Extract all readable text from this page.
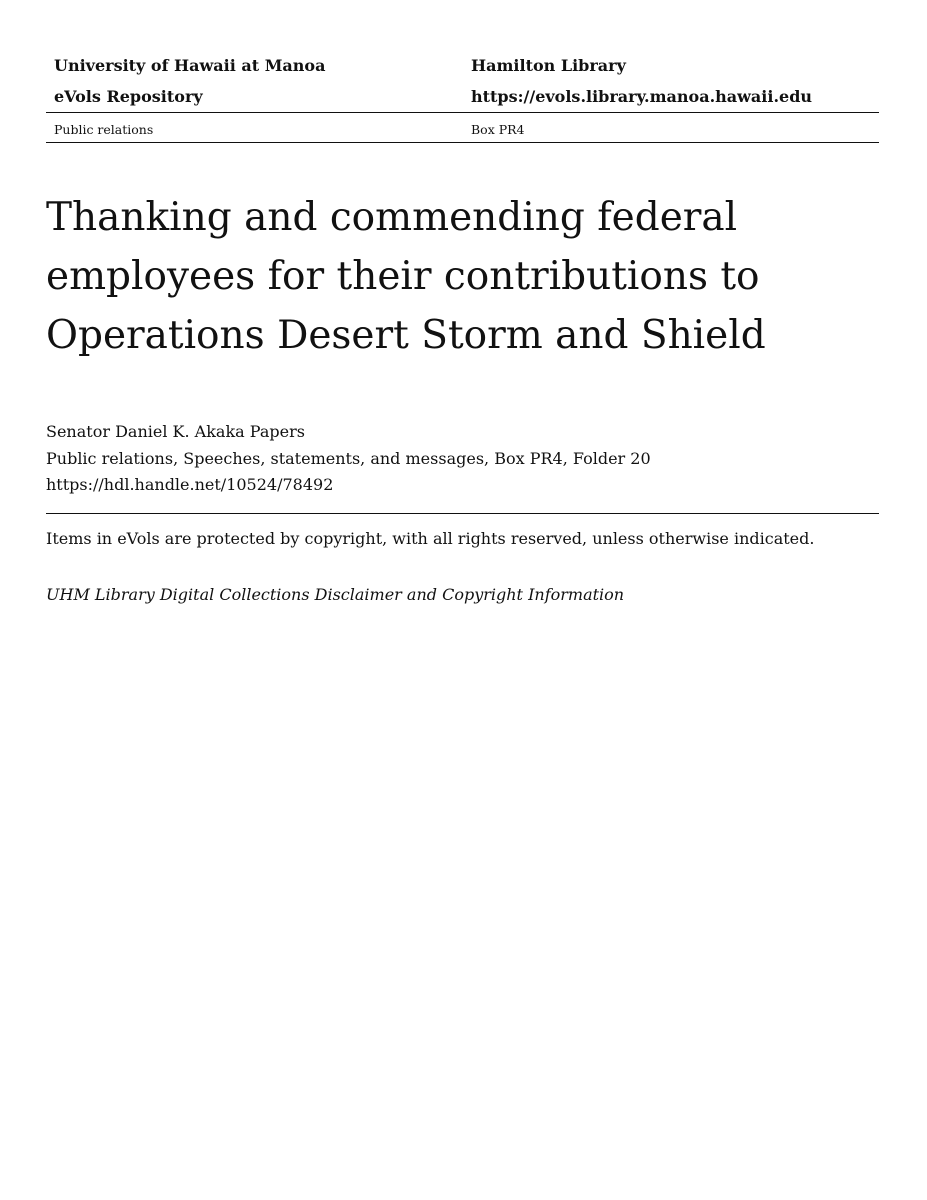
University of Hawaii at Manoa	Hamilton Library
eVols Repository	https://evols.library.manoa.hawaii.edu
Public relations	Box PR4
Thanking and commending federal employees for their contributions to Operations Desert Storm and Shield
Senator Daniel K. Akaka Papers
Public relations, Speeches, statements, and messages, Box PR4, Folder 20
https://hdl.handle.net/10524/78492
Items in eVols are protected by copyright, with all rights reserved, unless otherwise indicated.
UHM Library Digital Collections Disclaimer and Copyright Information
